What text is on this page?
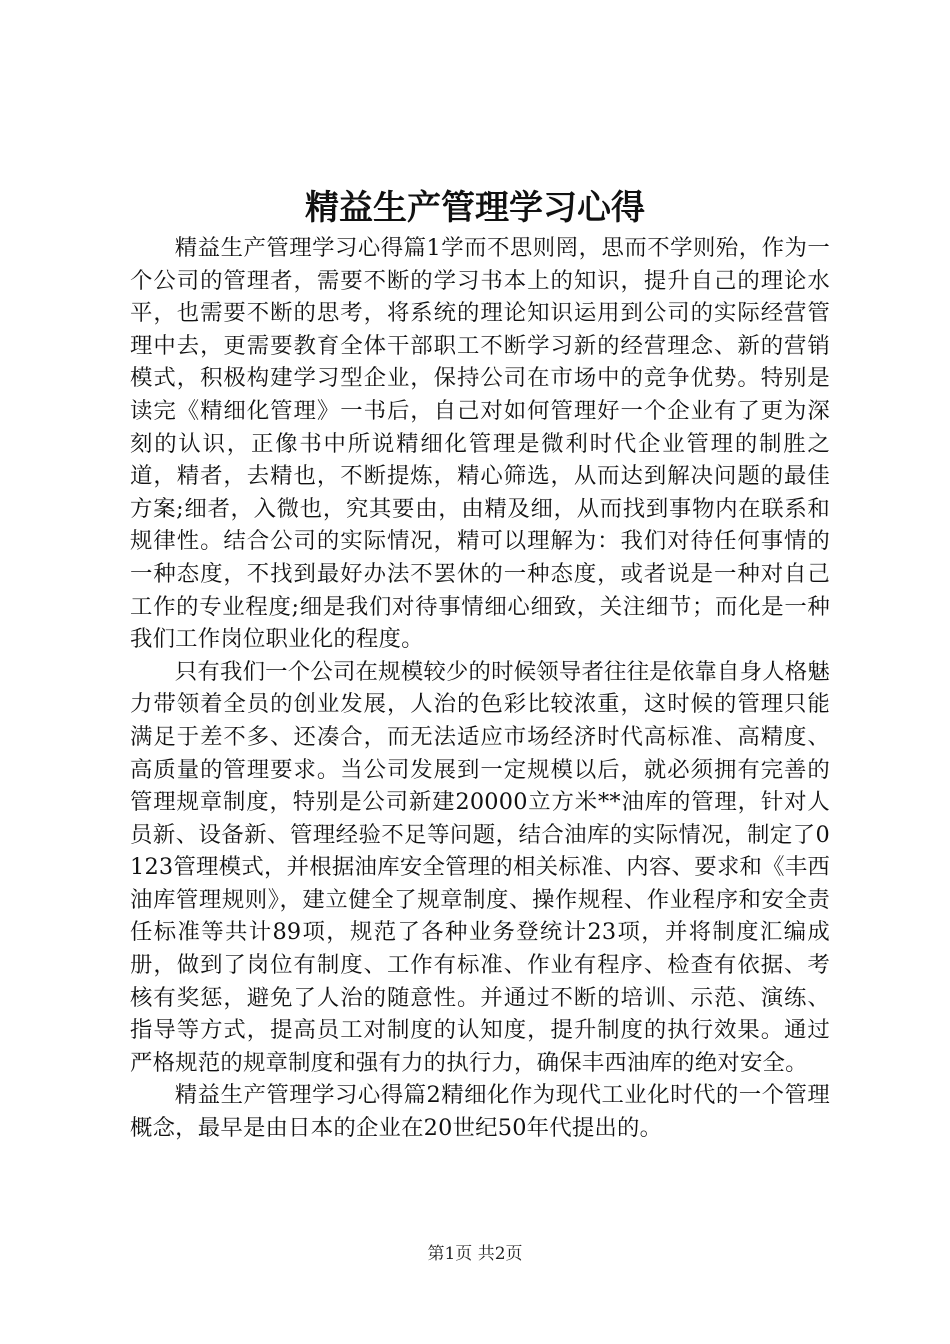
精益生产管理学习心得

精益生产管理学习心得篇1学而不思则罔，思而不学则殆，作为一个公司的管理者，需要不断的学习书本上的知识，提升自己的理论水平，也需要不断的思考，将系统的理论知识运用到公司的实际经营管理中去，更需要教育全体干部职工不断学习新的经营理念、新的营销模式，积极构建学习型企业，保持公司在市场中的竞争优势。特别是读完《精细化管理》一书后，自己对如何管理好一个企业有了更为深刻的认识，正像书中所说精细化管理是微利时代企业管理的制胜之道，精者，去精也，不断提炼，精心筛选，从而达到解决问题的最佳方案;细者，入微也，究其要由，由精及细，从而找到事物内在联系和规律性。结合公司的实际情况，精可以理解为：我们对待任何事情的一种态度，不找到最好办法不罢休的一种态度，或者说是一种对自己工作的专业程度;细是我们对待事情细心细致，关注细节；而化是一种我们工作岗位职业化的程度。

只有我们一个公司在规模较少的时候领导者往往是依靠自身人格魅力带领着全员的创业发展，人治的色彩比较浓重，这时候的管理只能满足于差不多、还凑合，而无法适应市场经济时代高标准、高精度、高质量的管理要求。当公司发展到一定规模以后，就必须拥有完善的管理规章制度，特别是公司新建20000立方米**油库的管理，针对人员新、设备新、管理经验不足等问题，结合油库的实际情况，制定了0123管理模式，并根据油库安全管理的相关标准、内容、要求和《丰西油库管理规则》，建立健全了规章制度、操作规程、作业程序和安全责任标准等共计89项，规范了各种业务登统计23项，并将制度汇编成册，做到了岗位有制度、工作有标准、作业有程序、检查有依据、考核有奖惩，避免了人治的随意性。并通过不断的培训、示范、演练、指导等方式，提高员工对制度的认知度，提升制度的执行效果。通过严格规范的规章制度和强有力的执行力，确保丰西油库的绝对安全。

精益生产管理学习心得篇2精细化作为现代工业化时代的一个管理概念，最早是由日本的企业在20世纪50年代提出的。

第1页 共2页
